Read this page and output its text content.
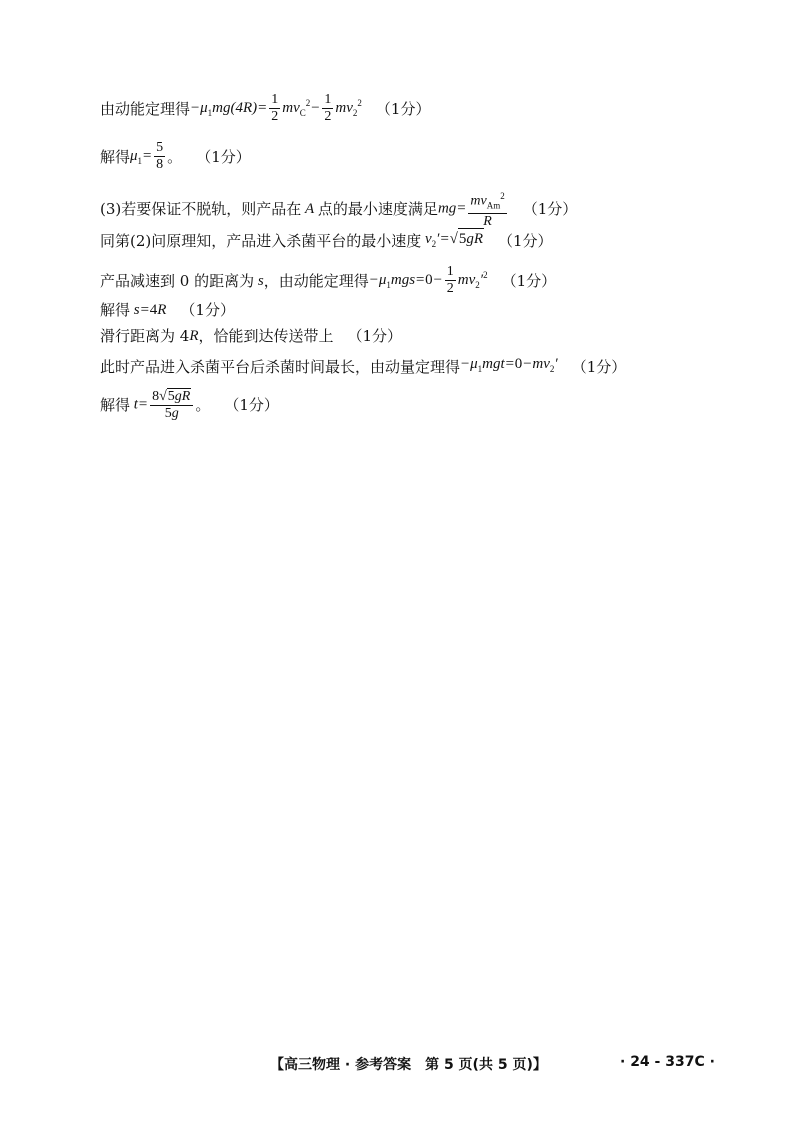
由动能定理得 $-\mu_1mg(4R)= \frac{1}{2} mv_C^2- \frac{1}{2} mv_2^2$ （1分）
解得 $\mu_1= \frac{5}{8}$ 。 （1分）
(3)若要保证不脱轨，则产品在 A 点的最小速度满足 $mg= \frac{mv_{Am}^2}{R} (1$分）
同第(2)问原理知，产品进入杀菌平台的最小速度 $v_2'=√$ 5gR （1分）
产品减速到 0 的距离为 s ，由动能定理得 $-\mu_1mgs=0- \frac{1}{2} mv_2'^2$ （1分）
解得 s=4R （1分）
滑行距离为 4 R ，恰能到达传送带上 （1分）
此时产品进入杀菌平台后杀菌时间最长，由动量定理得 $-\mu_1mgt=0-mv_2'$ （1分）
解得 $t= \frac{8√ 5gR}{5g}$ 。 （1分）
【高三物理 · 参考答案　第 5 页(共 5 页)】	· 24 - 337C ·
